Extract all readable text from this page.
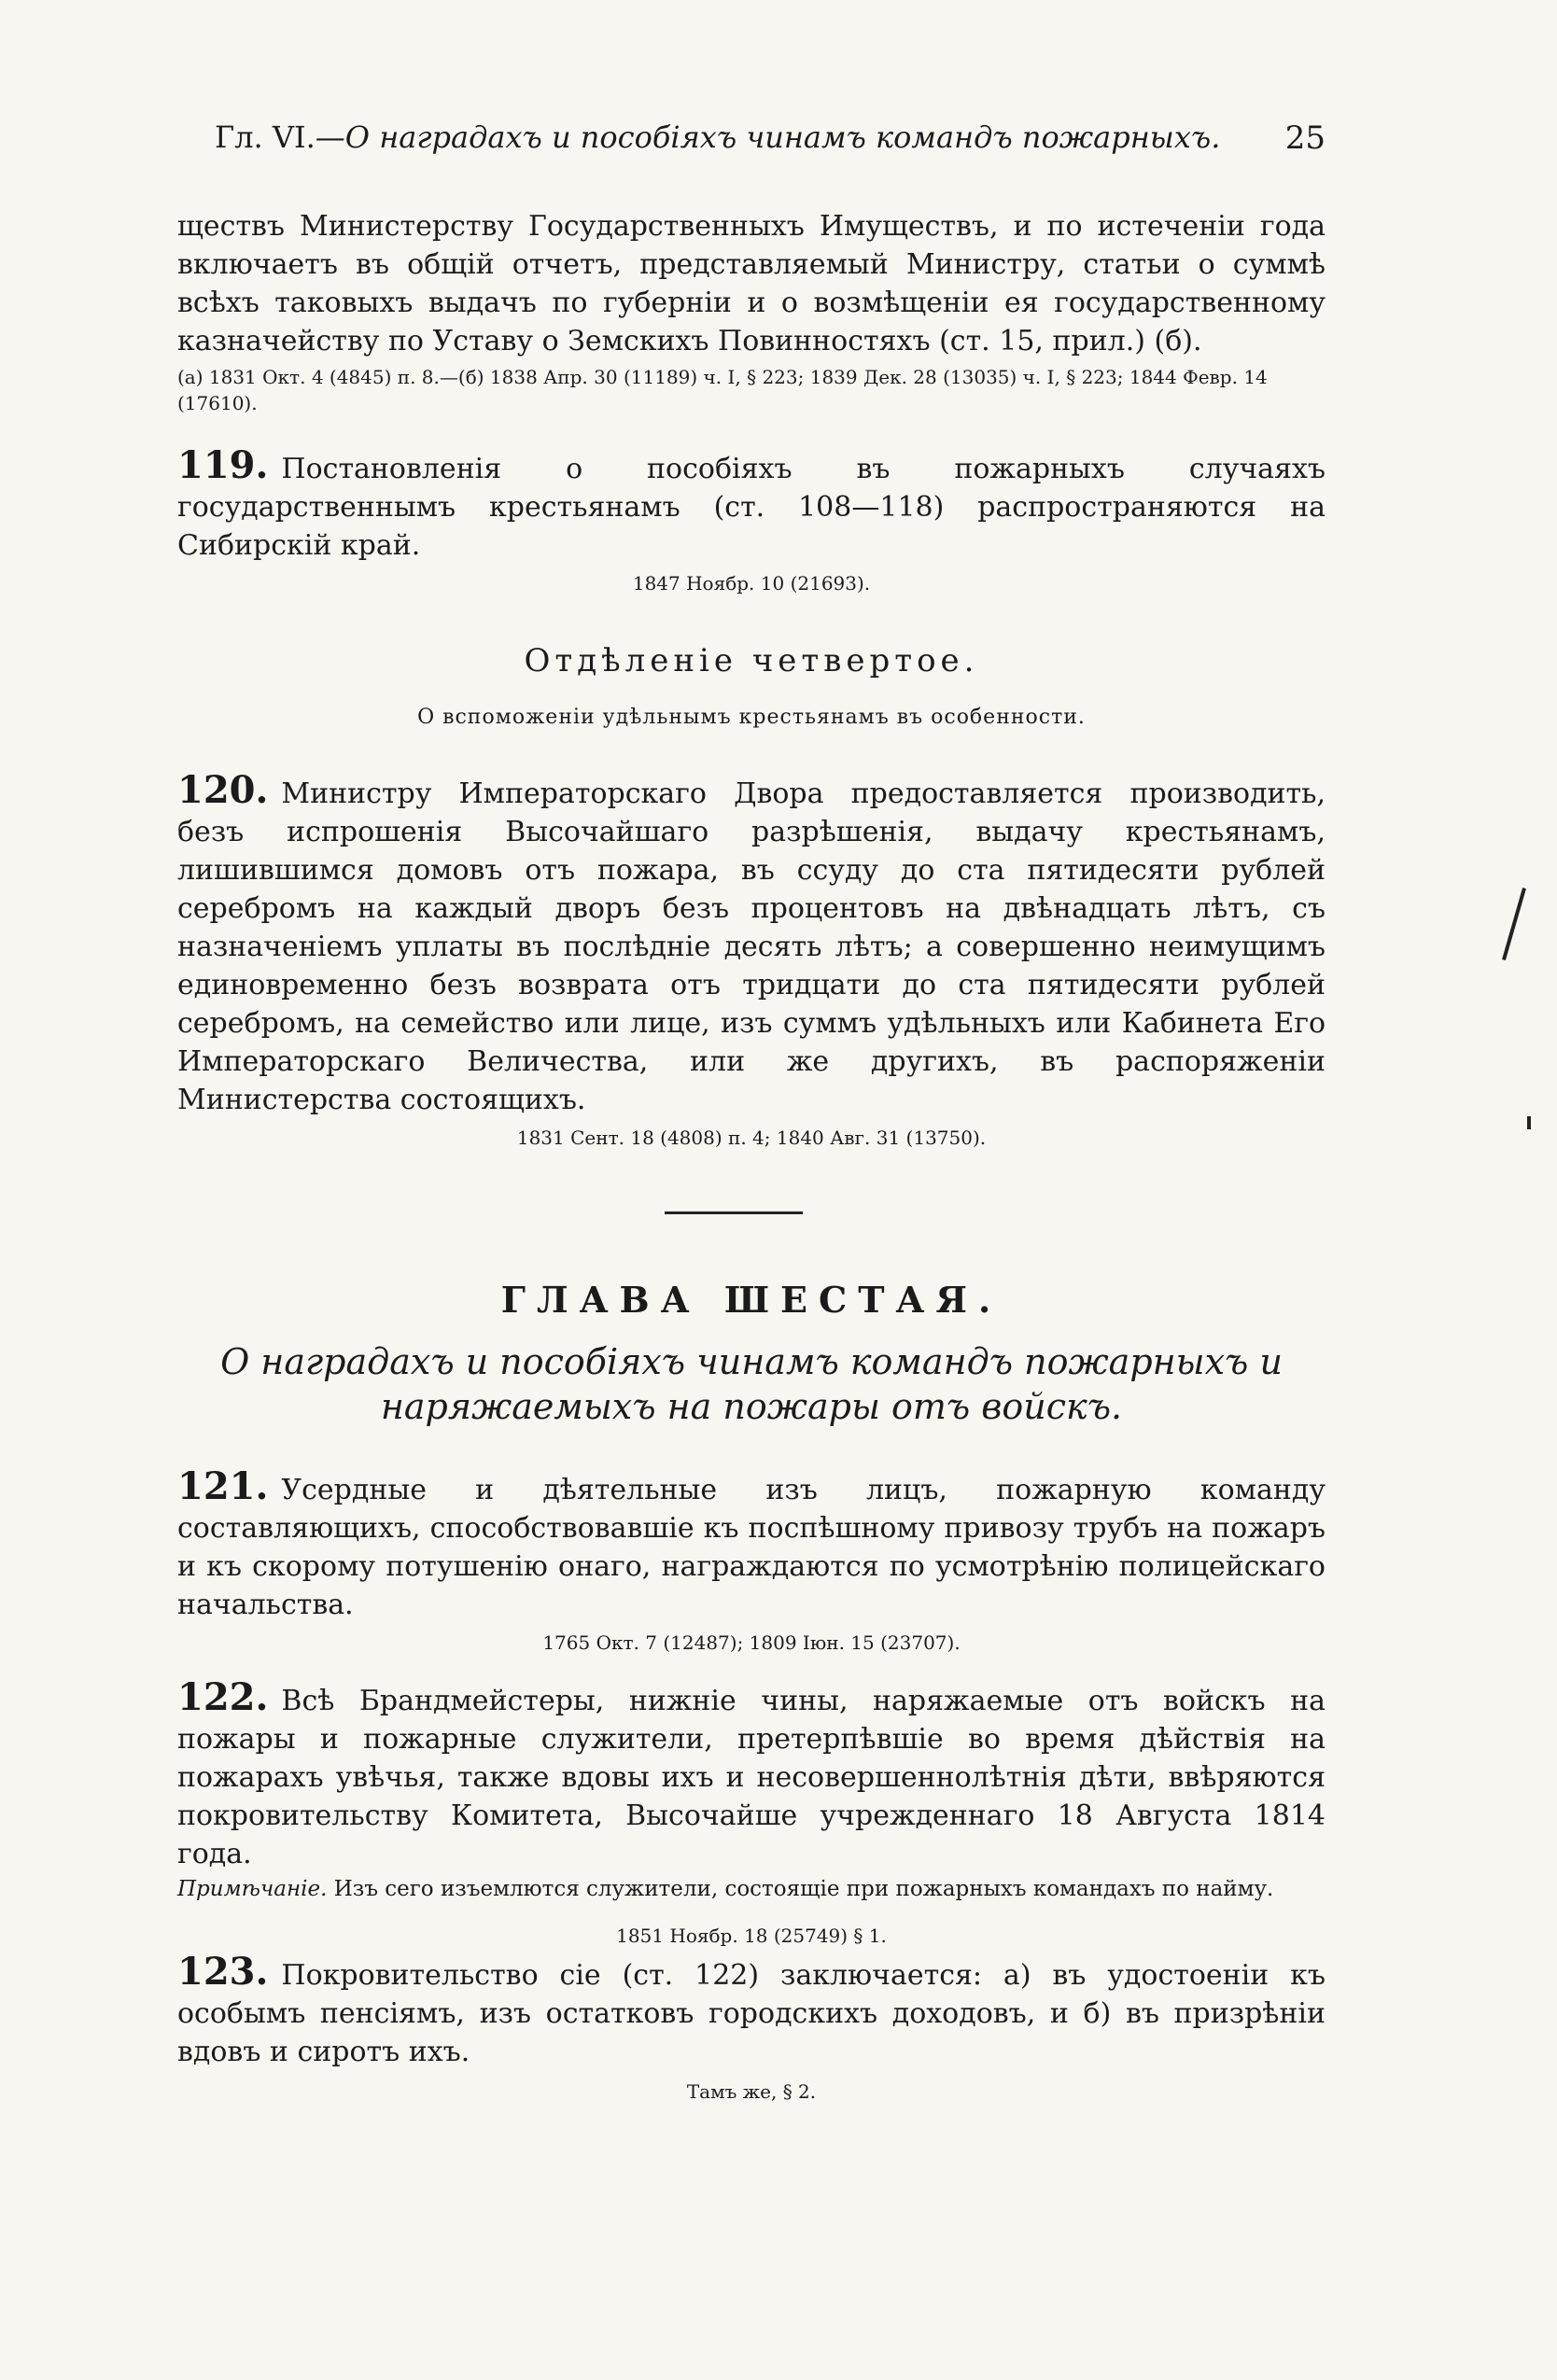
Гл. VI.—О наградахъ и пособіяхъ чинамъ командъ пожарныхъ. 25

ществъ Министерству Государственныхъ Имуществъ, и по истеченіи года включаетъ въ общій отчетъ, представляемый Министру, статьи о суммѣ всѣхъ таковыхъ выдачъ по губерніи и о возмѣщеніи ея государственному казначейству по Уставу о Земскихъ Повинностяхъ (ст. 15, прил.) (б).

(а) 1831 Окт. 4 (4845) п. 8.—(б) 1838 Апр. 30 (11189) ч. I, § 223; 1839 Дек. 28 (13035) ч. I, § 223; 1844 Февр. 14 (17610).

119. Постановленія о пособіяхъ въ пожарныхъ случаяхъ государственнымъ крестьянамъ (ст. 108—118) распространяются на Сибирскій край.

1847 Ноябр. 10 (21693).

Отдѣленіе четвертое.
О вспоможеніи удѣльнымъ крестьянамъ въ особенности.

120. Министру Императорскаго Двора предоставляется производить, безъ испрошенія Высочайшаго разрѣшенія, выдачу крестьянамъ, лишившимся домовъ отъ пожара, въ ссуду до ста пятидесяти рублей серебромъ на каждый дворъ безъ процентовъ на двѣнадцать лѣтъ, съ назначеніемъ уплаты въ послѣдніе десять лѣтъ; а совершенно неимущимъ единовременно безъ возврата отъ тридцати до ста пятидесяти рублей серебромъ, на семейство или лице, изъ суммъ удѣльныхъ или Кабинета Его Императорскаго Величества, или же другихъ, въ распоряженіи Министерства состоящихъ.

1831 Сент. 18 (4808) п. 4; 1840 Авг. 31 (13750).

ГЛАВА ШЕСТАЯ.
О наградахъ и пособіяхъ чинамъ командъ пожарныхъ и
наряжаемыхъ на пожары отъ войскъ.

121. Усердные и дѣятельные изъ лицъ, пожарную команду составляющихъ, способствовавшіе къ поспѣшному привозу трубъ на пожаръ и къ скорому потушенію онаго, награждаются по усмотрѣнію полицейскаго начальства.

1765 Окт. 7 (12487); 1809 Іюн. 15 (23707).

122. Всѣ Брандмейстеры, нижніе чины, наряжаемые отъ войскъ на пожары и пожарные служители, претерпѣвшіе во время дѣйствія на пожарахъ увѣчья, также вдовы ихъ и несовершеннолѣтнія дѣти, ввѣряются покровительству Комитета, Высочайше учрежденнаго 18 Августа 1814 года.

Примѣчаніе. Изъ сего изъемлются служители, состоящіе при пожарныхъ командахъ по найму.

1851 Ноябр. 18 (25749) § 1.

123. Покровительство сіе (ст. 122) заключается: а) въ удостоеніи къ особымъ пенсіямъ, изъ остатковъ городскихъ доходовъ, и б) въ призрѣніи вдовъ и сиротъ ихъ.

Тамъ же, § 2.
